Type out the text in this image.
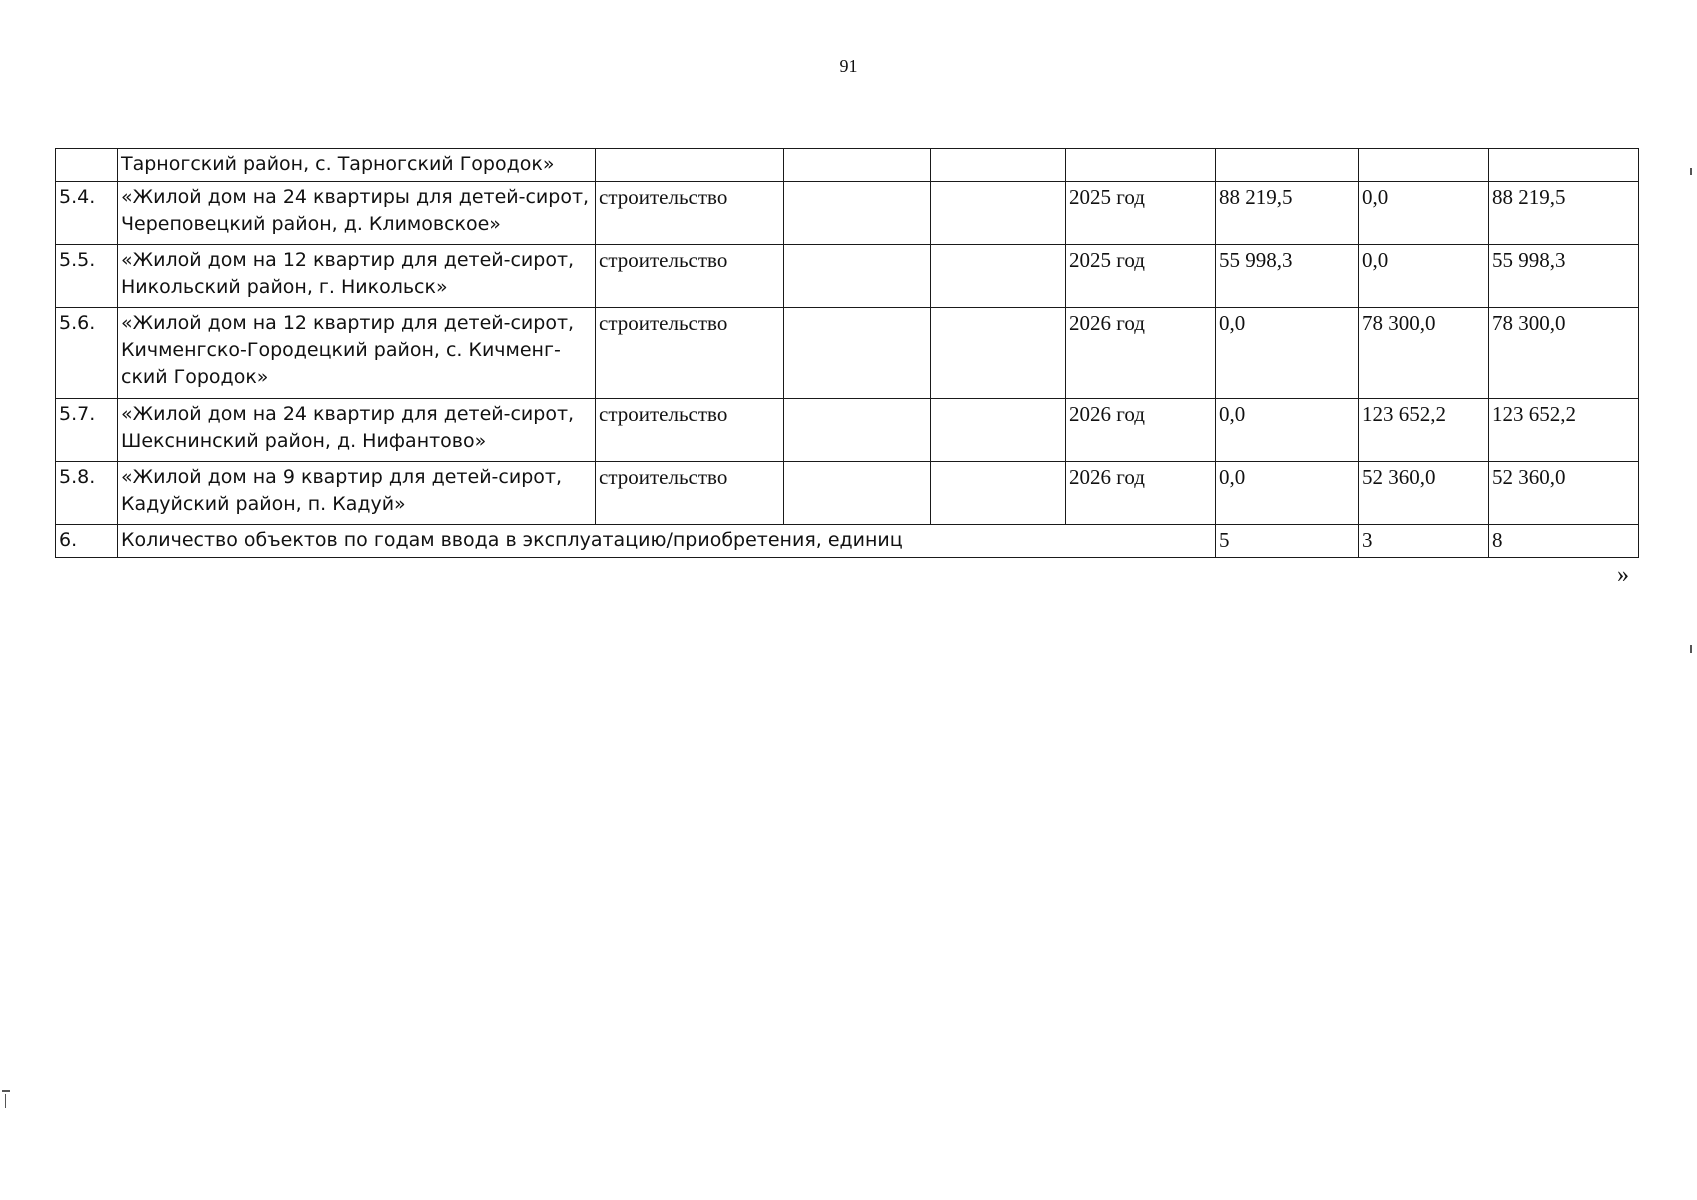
91
	Тарногский район, с. Тарногский Городок»							
5.4.	«Жилой дом на 24 квартиры для детей-сирот, Череповецкий район, д. Климовское»	строительство			2025 год	88 219,5	0,0	88 219,5
5.5.	«Жилой дом на 12 квартир для детей-сирот, Никольский район, г. Никольск»	строительство			2025 год	55 998,3	0,0	55 998,3
5.6.	«Жилой дом на 12 квартир для детей-сирот, Кичменгско-Городецкий район, с. Кичменг-ский Городок»	строительство			2026 год	0,0	78 300,0	78 300,0
5.7.	«Жилой дом на 24 квартир для детей-сирот, Шекснинский район, д. Нифантово»	строительство			2026 год	0,0	123 652,2	123 652,2
5.8.	«Жилой дом на 9 квартир для детей-сирот, Кадуйский район, п. Кадуй»	строительство			2026 год	0,0	52 360,0	52 360,0
6.	Количество объектов по годам ввода в эксплуатацию/приобретения, единиц					5	3	8
»
